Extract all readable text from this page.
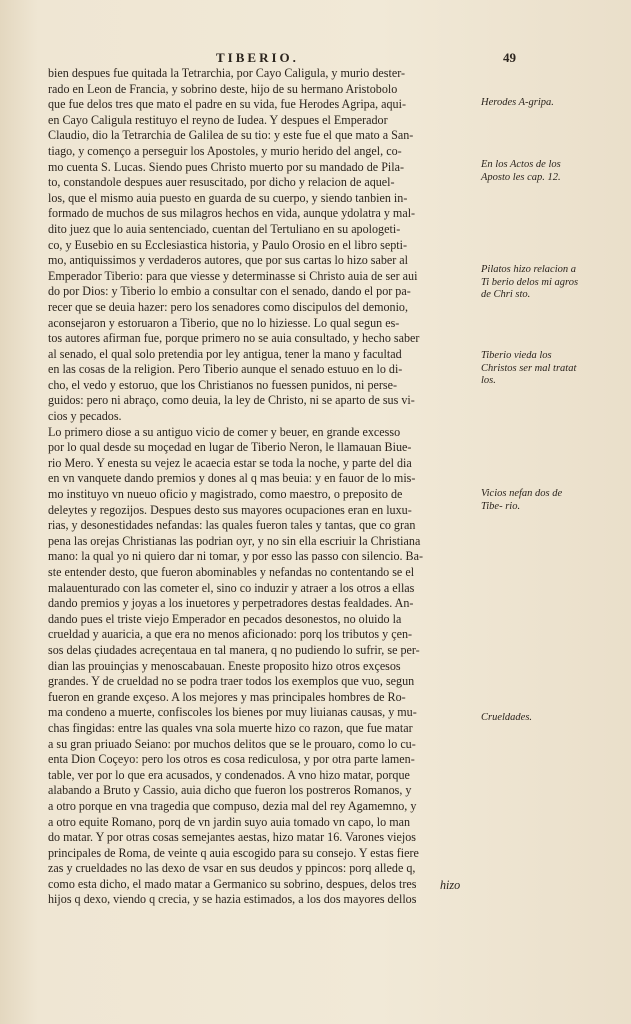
TIBERIO.	49
bien despues fue quitada la Tetrarchia, por Cayo Caligula, y murio dester-
rado en Leon de Francia, y sobrino deste, hijo de su hermano Aristobolo
que fue delos tres que mato el padre en su vida, fue Herodes Agripa, aqui-
en Cayo Caligula restituyo el reyno de Iudea. Y despues el Emperador
Claudio, dio la Tetrarchia de Galilea de su tio: y este fue el que mato a San-
tiago, y començo a perseguir los Apostoles, y murio herido del angel, co-
mo cuenta S. Lucas. Siendo pues Christo muerto por su mandado de Pila-
to, constandole despues auer resuscitado, por dicho y relacion de aquel-
los, que el mismo auia puesto en guarda de su cuerpo, y siendo tanbien in-
formado de muchos de sus milagros hechos en vida, aunque ydolatra y mal-
dito juez que lo auia sentenciado, cuentan del Tertuliano en su apologeti-
co, y Eusebio en su Ecclesiastica historia, y Paulo Orosio en el libro septi-
mo, antiquissimos y verdaderos autores, que por sus cartas lo hizo saber al
Emperador Tiberio: para que viesse y determinasse si Christo auia de ser aui
do por Dios: y Tiberio lo embio a consultar con el senado, dando el por pa-
recer que se deuia hazer: pero los senadores como discipulos del demonio,
aconsejaron y estoruaron a Tiberio, que no lo hiziesse. Lo qual segun es-
tos autores afirman fue, porque primero no se auia consultado, y hecho saber
al senado, el qual solo pretendia por ley antigua, tener la mano y facultad
en las cosas de la religion. Pero Tiberio aunque el senado estuuo en lo di-
cho, el vedo y estoruo, que los Christianos no fuessen punidos, ni perse-
guidos: pero ni abraço, como deuia, la ley de Christo, ni se aparto de sus vi-
cios y pecados.
Lo primero diose a su antiguo vicio de comer y beuer, en grande excesso
por lo qual desde su moçedad en lugar de Tiberio Neron, le llamauan Biue-
rio Mero. Y enesta su vejez le acaecia estar se toda la noche, y parte del dia
en vn vanquete dando premios y dones al q mas beuia: y en fauor de lo mis-
mo instituyo vn nueuo oficio y magistrado, como maestro, o preposito de
deleytes y regozijos. Despues desto sus mayores ocupaciones eran en luxu-
rias, y desonestidades nefandas: las quales fueron tales y tantas, que co gran
pena las orejas Christianas las podrian oyr, y no sin ella escriuir la Christiana
mano: la qual yo ni quiero dar ni tomar, y por esso las passo con silencio. Ba-
ste entender desto, que fueron abominables y nefandas no contentando se el
malauenturado con las cometer el, sino co induzir y atraer a los otros a ellas
dando premios y joyas a los inuetores y perpetradores destas fealdades. An-
dando pues el triste viejo Emperador en pecados desonestos, no oluido la
crueldad y auaricia, a que era no menos aficionado: porq los tributos y çen-
sos delas çiudades acreçentaua en tal manera, q no pudiendo lo sufrir, se per-
dian las prouinçias y menoscabauan. Eneste proposito hizo otros exçesos
grandes. Y de crueldad no se podra traer todos los exemplos que vuo, segun
fueron en grande exçeso. A los mejores y mas principales hombres de Ro-
ma condeno a muerte, confiscoles los bienes por muy liuianas causas, y mu-
chas fingidas: entre las quales vna sola muerte hizo co razon, que fue matar
a su gran priuado Seiano: por muchos delitos que se le prouaro, como lo cu-
enta Dion Coçeyo: pero los otros es cosa rediculosa, y por otra parte lamen-
table, ver por lo que era acusados, y condenados. A vno hizo matar, porque
alabando a Bruto y Cassio, auia dicho que fueron los postreros Romanos, y
a otro porque en vna tragedia que compuso, dezia mal del rey Agamemno, y
a otro equite Romano, porq de vn jardin suyo auia tomado vn capo, lo man
do matar. Y por otras cosas semejantes aestas, hizo matar 16. Varones viejos
principales de Roma, de veinte q auia escogido para su consejo. Y estas fiere
zas y crueldades no las dexo de vsar en sus deudos y ppincos: porq allede q,
como esta dicho, el mado matar a Germanico su sobrino, despues, delos tres
hijos q dexo, viendo q crecia, y se hazia estimados, a los dos mayores dellos
hizo
Herodes A-gripa.
En los Actos de los Aposto les cap. 12.
Pilatos hizo relacion a Ti berio delos mi agros de Chri sto.
Tiberio vieda los Christos ser mal tratat los.
Vicios nefan dos de Tibe- rio.
Crueldades.
